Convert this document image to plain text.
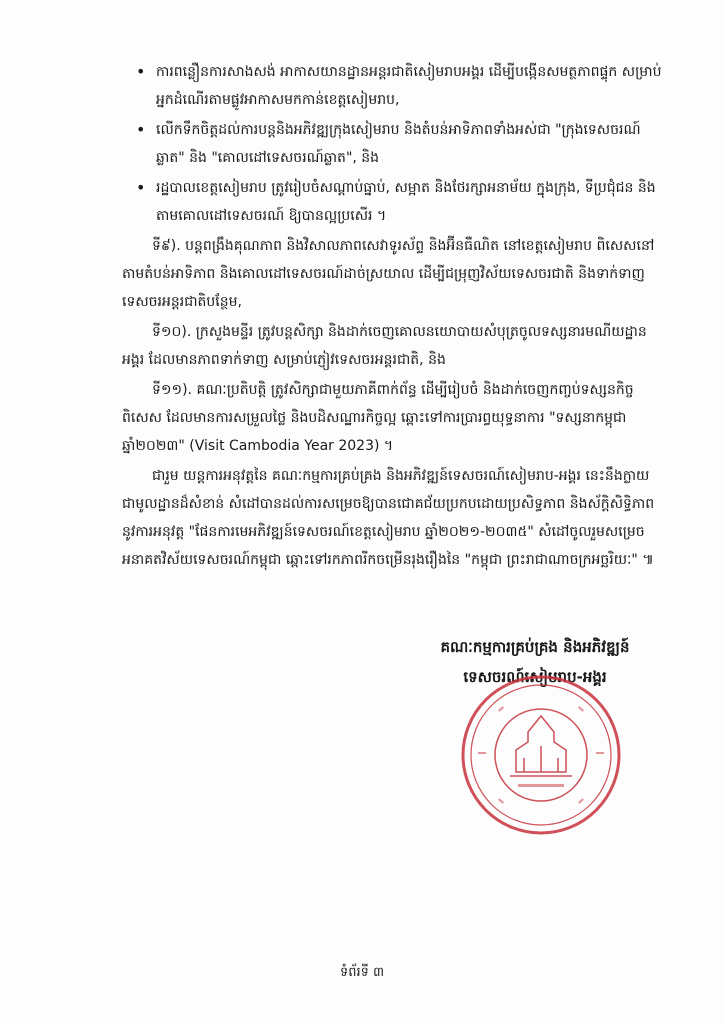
• ការពន្លឿនការសាងសង់ អាកាសយានដ្ឋានអន្តរជាតិសៀមរាបអង្គរ ដើម្បីបង្កើនសមត្ថភាពផ្ទុក សម្រាប់អ្នកដំណើរតាមផ្លូវអាកាសមកកាន់ខេត្តសៀមរាប,
• លើកទឹកចិត្តដល់ការបន្តនិងអភិវឌ្ឍក្រុងសៀមរាប និងតំបន់អាទិភាពទាំងអស់ជា "ក្រុងទេសចរណ៍ឆ្លាត" និង "គោលដៅទេសចរណ៍ឆ្លាត", និង
• រដ្ឋបាលខេត្តសៀមរាប ត្រូវរៀបចំសណ្តាប់ធ្នាប់, សម្អាត និងថែរក្សាអនាម័យ ក្នុងក្រុង, ទីប្រជុំជន និងតាមគោលដៅទេសចរណ៍ ឱ្យបានល្អប្រសើរ ។

ទី៩). បន្តពង្រឹងគុណភាព និងវិសាលភាពសេវាទូរស័ព្ទ និងអ៊ីនធឺណិត នៅខេត្តសៀមរាប ពិសេសនៅតាមតំបន់អាទិភាព និងគោលដៅទេសចរណ៍ដាច់ស្រយាល ដើម្បីជម្រុញវិស័យទេសចរជាតិ និងទាក់ទាញទេសចរអន្តរជាតិបន្ថែម,

ទី១០). ក្រសួងមន្ទីរ ត្រូវបន្តសិក្សា និងដាក់ចេញគោលនយោបាយសំបុត្រចូលទស្សនារមណីយដ្ឋានអង្គរ ដែលមានភាពទាក់ទាញ សម្រាប់ភ្ញៀវទេសចរអន្តរជាតិ, និង

ទី១១). គណៈប្រតិបត្តិ ត្រូវសិក្សាជាមួយភាគីពាក់ព័ន្ធ ដើម្បីរៀបចំ និងដាក់ចេញកញ្ចប់ទស្សនកិច្ចពិសេស ដែលមានការសម្រួលថ្លៃ និងបដិសណ្ឋារកិច្ចល្អ ឆ្ពោះទៅការប្រារព្ធយុទ្ធនាការ "ទស្សនាកម្ពុជា ឆ្នាំ២០២៣" (Visit Cambodia Year 2023) ។

ជារួម យន្តការអនុវត្តនៃ គណៈកម្មការគ្រប់គ្រង និងអភិវឌ្ឍន៍ទេសចរណ៍សៀមរាប-អង្គរ នេះនឹងក្លាយជាមូលដ្ឋានដ៏សំខាន់ សំដៅបានដល់ការសម្រេចឱ្យបានជោគជ័យប្រកបដោយប្រសិទ្ធភាព និងស័ក្តិសិទ្ធិភាព នូវការអនុវត្ត "ផែនការមេអភិវឌ្ឍន៍ទេសចរណ៍ខេត្តសៀមរាប ឆ្នាំ២០២១-២០៣៥" សំដៅចូលរួមសម្រេចអនាគតវិស័យទេសចរណ៍កម្ពុជា ឆ្ពោះទៅរកភាពរីកចម្រើនរុងរឿងនៃ "កម្ពុជា ព្រះរាជាណាចក្រអច្ឆរិយៈ" ៕

គណៈកម្មការគ្រប់គ្រង និងអភិវឌ្ឍន៍
ទេសចរណ៍សៀមរាប-អង្គរ
ទំព័រទី ៣
